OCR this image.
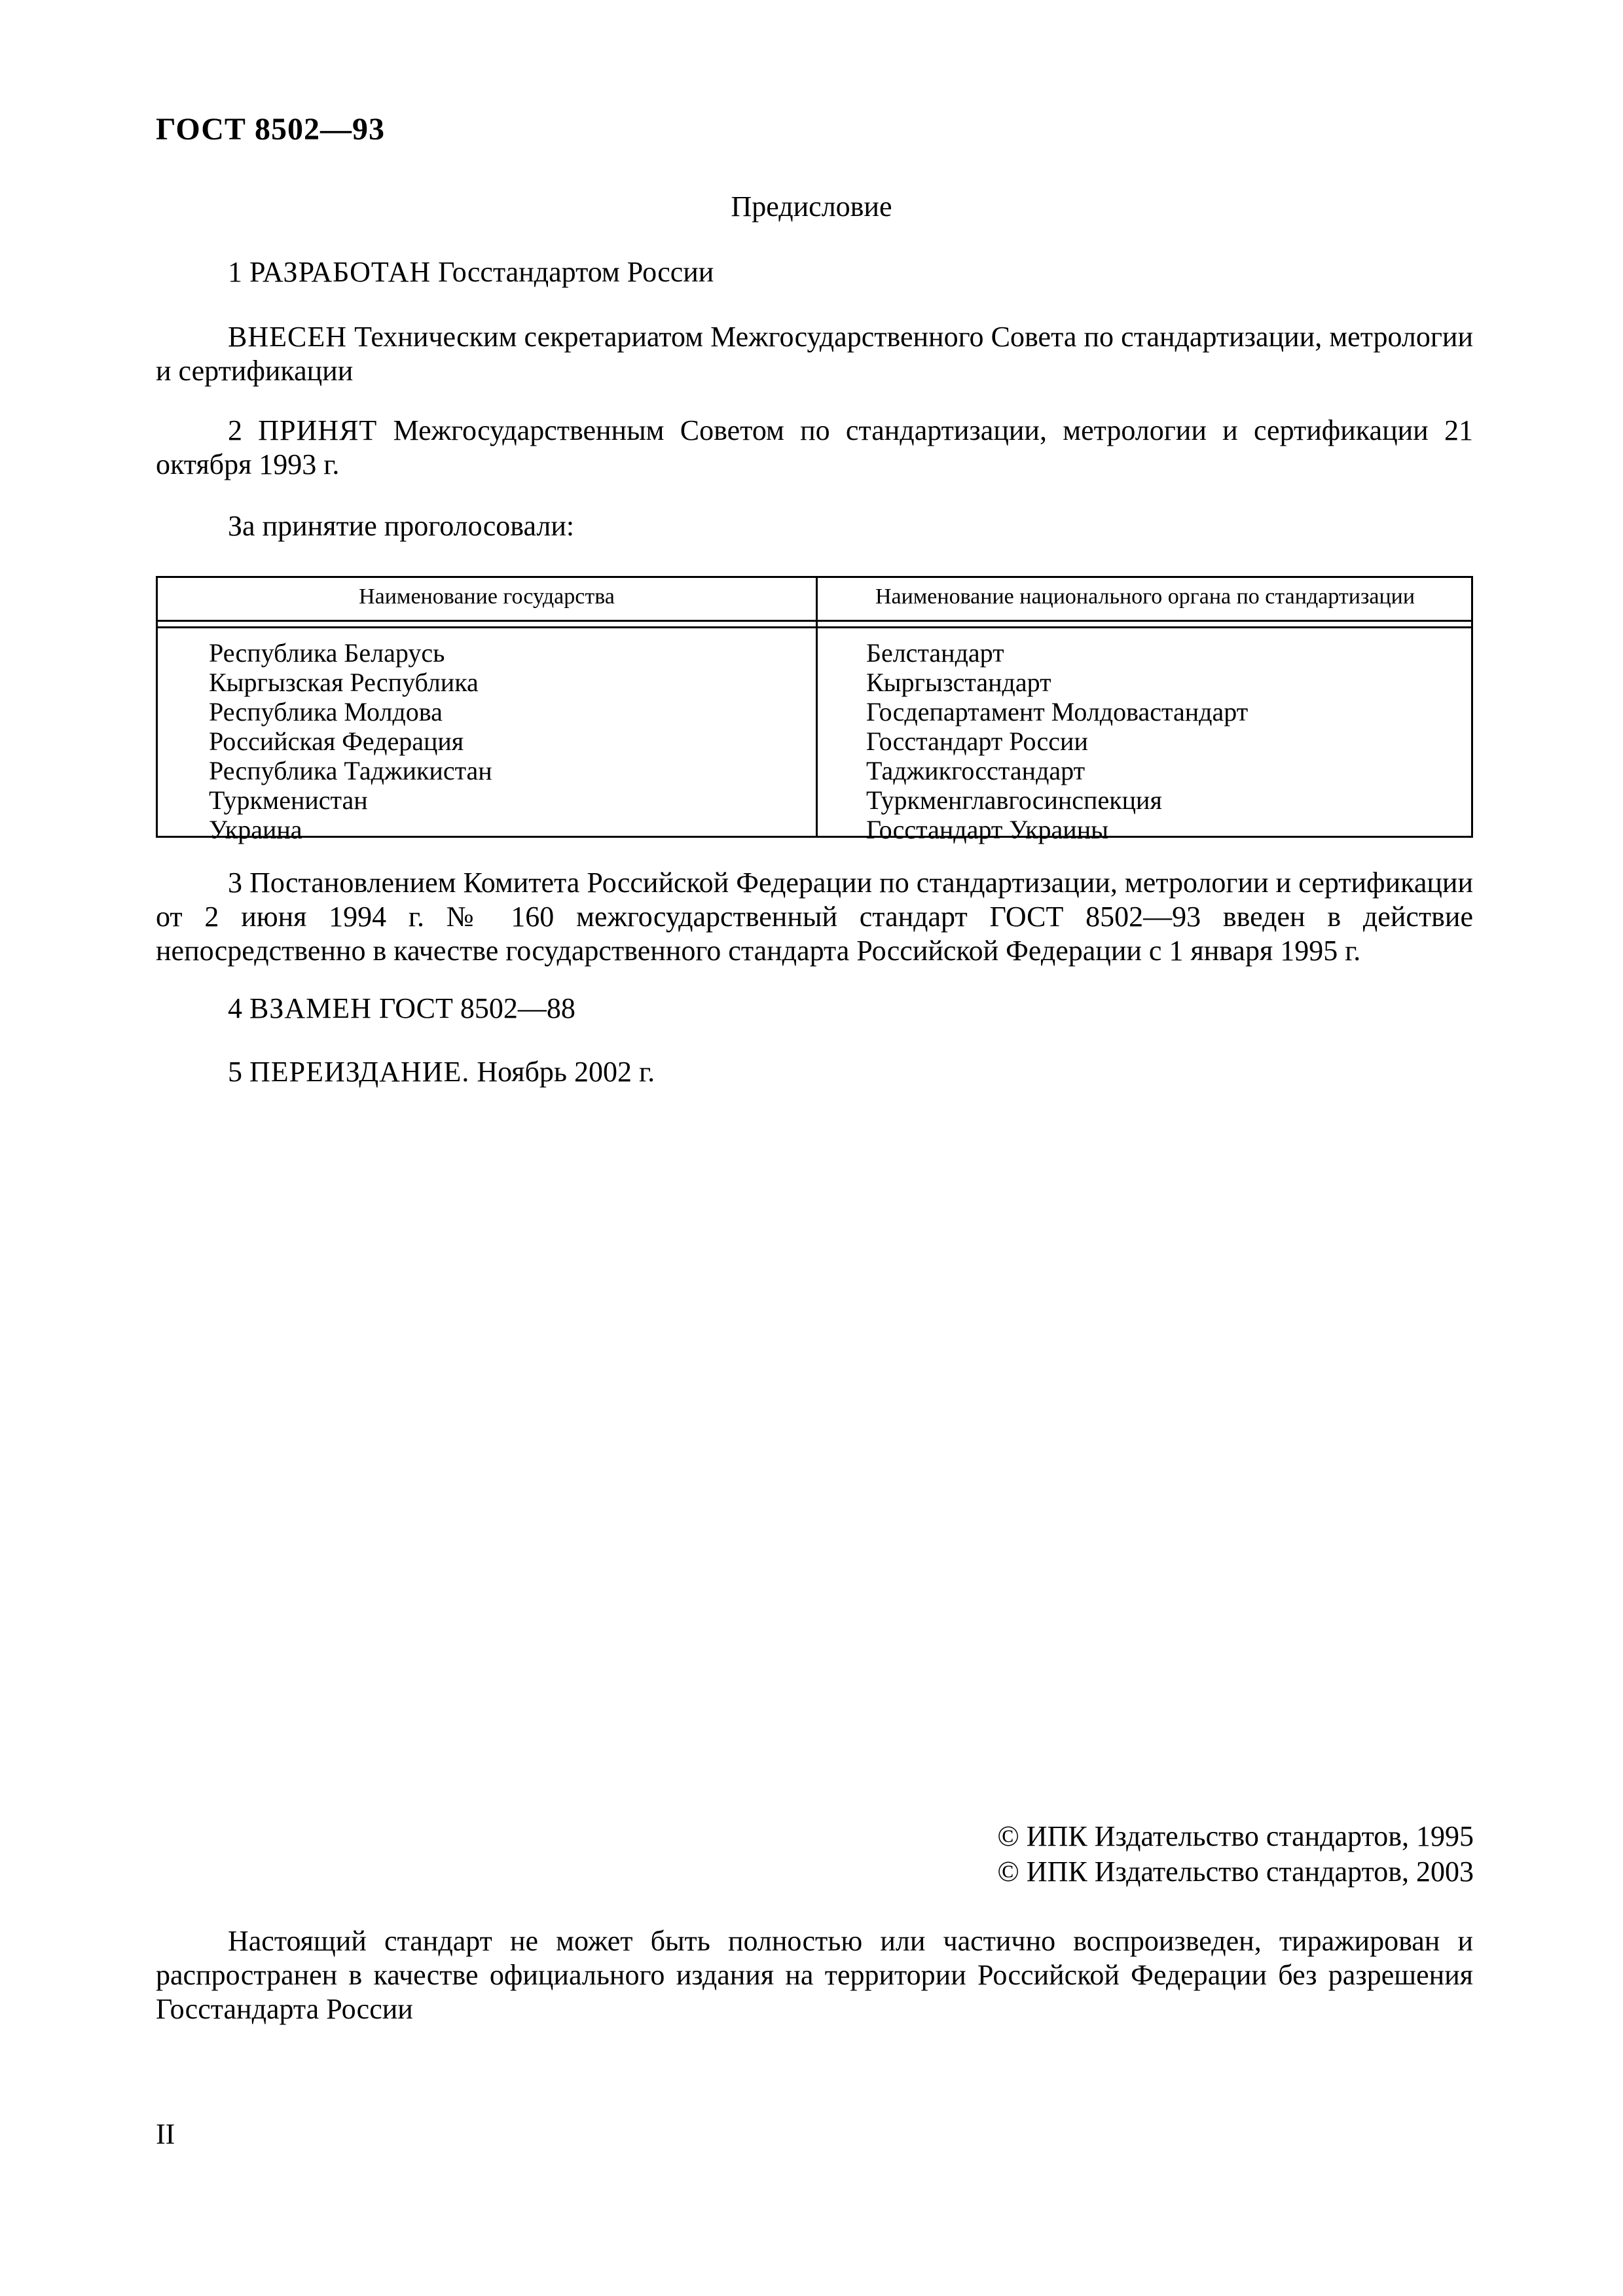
ГОСТ 8502—93
Предисловие
1 РАЗРАБОТАН Госстандартом России
ВНЕСЕН Техническим секретариатом Межгосударственного Совета по стандартизации, метрологии и сертификации
2 ПРИНЯТ Межгосударственным Советом по стандартизации, метрологии и сертификации 21 октября 1993 г.
За принятие проголосовали:
Наименование государства	Наименование национального органа по стандартизации
Республика Беларусь
Кыргызская Республика
Республика Молдова
Российская Федерация
Республика Таджикистан
Туркменистан
Украина
Белстандарт
Кыргызстандарт
Госдепартамент Молдовастандарт
Госстандарт России
Таджикгосстандарт
Туркменглавгосинспекция
Госстандарт Украины
3 Постановлением Комитета Российской Федерации по стандартизации, метрологии и сертификации от 2 июня 1994 г. № 160 межгосударственный стандарт ГОСТ 8502—93 введен в действие непосредственно в качестве государственного стандарта Российской Федерации с 1 января 1995 г.
4 ВЗАМЕН ГОСТ 8502—88
5 ПЕРЕИЗДАНИЕ. Ноябрь 2002 г.
© ИПК Издательство стандартов, 1995
© ИПК Издательство стандартов, 2003
Настоящий стандарт не может быть полностью или частично воспроизведен, тиражирован и распространен в качестве официального издания на территории Российской Федерации без разрешения Госстандарта России
II
